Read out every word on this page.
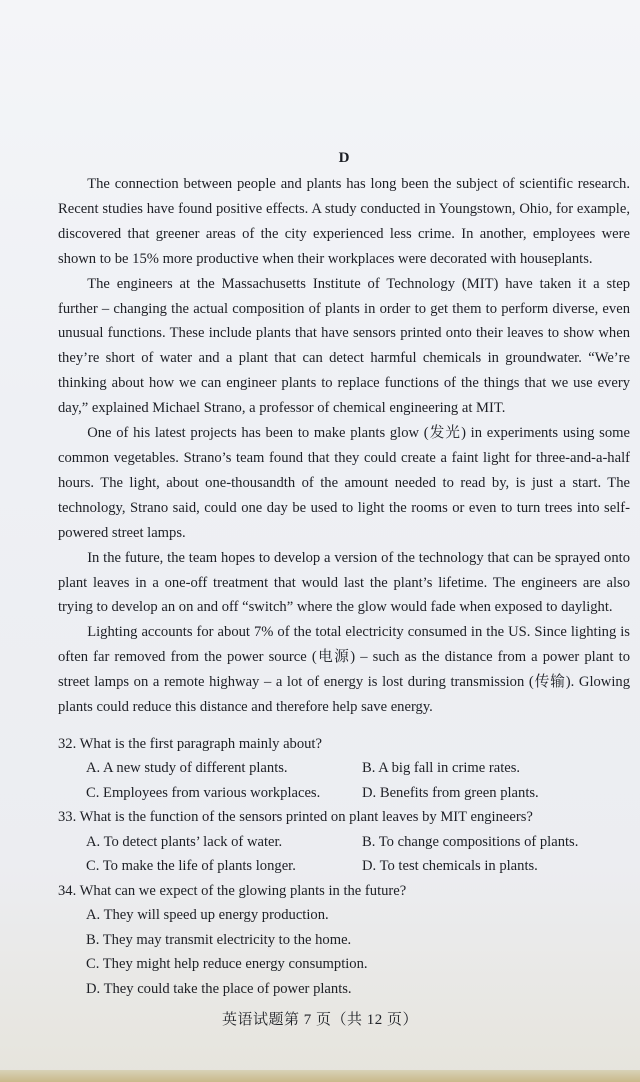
D

The connection between people and plants has long been the subject of scientific research. Recent studies have found positive effects. A study conducted in Youngstown, Ohio, for example, discovered that greener areas of the city experienced less crime. In another, employees were shown to be 15% more productive when their workplaces were decorated with houseplants.

The engineers at the Massachusetts Institute of Technology (MIT) have taken it a step further – changing the actual composition of plants in order to get them to perform diverse, even unusual functions. These include plants that have sensors printed onto their leaves to show when they’re short of water and a plant that can detect harmful chemicals in groundwater. “We’re thinking about how we can engineer plants to replace functions of the things that we use every day,” explained Michael Strano, a professor of chemical engineering at MIT.

One of his latest projects has been to make plants glow (发光) in experiments using some common vegetables. Strano’s team found that they could create a faint light for three-and-a-half hours. The light, about one-thousandth of the amount needed to read by, is just a start. The technology, Strano said, could one day be used to light the rooms or even to turn trees into self-powered street lamps.

In the future, the team hopes to develop a version of the technology that can be sprayed onto plant leaves in a one-off treatment that would last the plant’s lifetime. The engineers are also trying to develop an on and off “switch” where the glow would fade when exposed to daylight.

Lighting accounts for about 7% of the total electricity consumed in the US. Since lighting is often far removed from the power source (电源) – such as the distance from a power plant to street lamps on a remote highway – a lot of energy is lost during transmission (传输). Glowing plants could reduce this distance and therefore help save energy.

32. What is the first paragraph mainly about?

A. A new study of different plants.	B. A big fall in crime rates.
C. Employees from various workplaces.	D. Benefits from green plants.

33. What is the function of the sensors printed on plant leaves by MIT engineers?

A. To detect plants’ lack of water.	B. To change compositions of plants.
C. To make the life of plants longer.	D. To test chemicals in plants.

34. What can we expect of the glowing plants in the future?

A. They will speed up energy production.
B. They may transmit electricity to the home.
C. They might help reduce energy consumption.
D. They could take the place of power plants.
英语试题第 7 页（共 12 页）
